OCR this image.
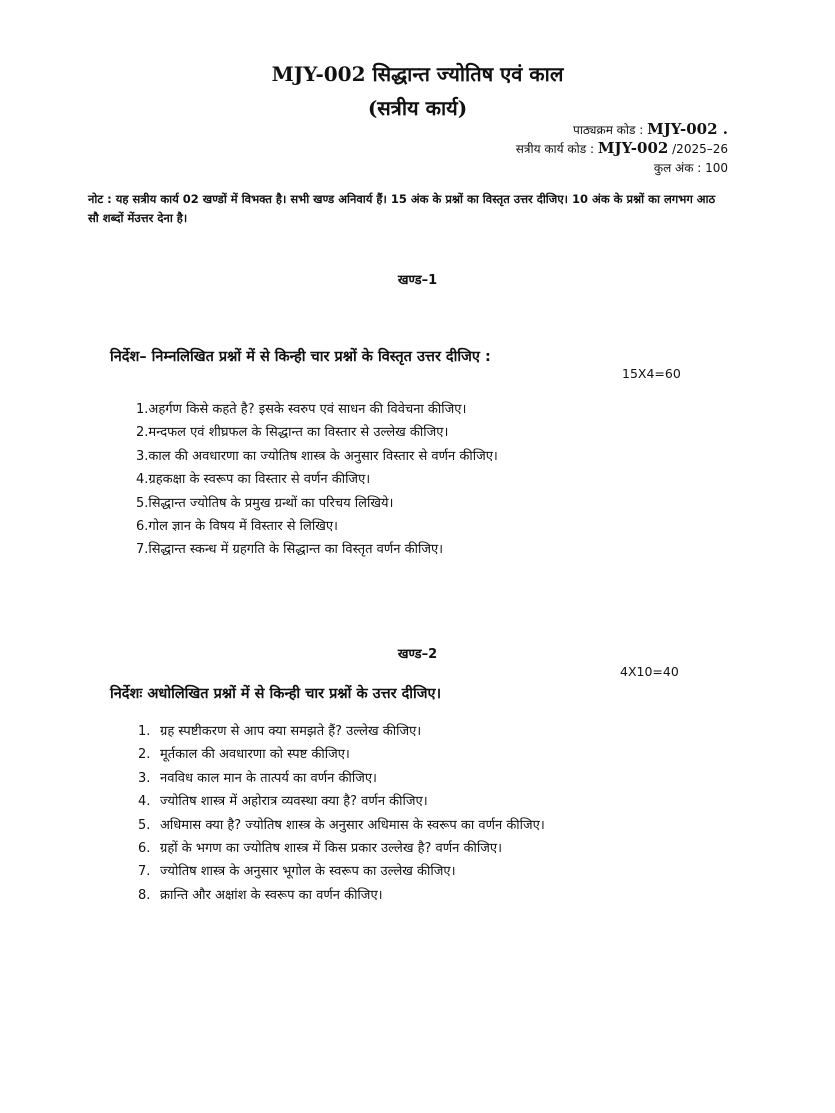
MJY-002 सिद्धान्त ज्योतिष एवं काल
(सत्रीय कार्य)
पाठ्यक्रम कोड : MJY-002 .
सत्रीय कार्य कोड : MJY-002 /2025–26
कुल अंक : 100
नोट : यह सत्रीय कार्य 02 खण्डों में विभक्त है। सभी खण्ड अनिवार्य हैं। 15 अंक के प्रश्नों का विस्तृत उत्तर दीजिए। 10 अंक के प्रश्नों का लगभग आठ सौ शब्दों मेंउत्तर देना है।
खण्ड–1
निर्देश– निम्नलिखित प्रश्नों में से किन्ही चार प्रश्नों के विस्तृत उत्तर दीजिए :
15X4=60
1.अहर्गण किसे कहते है? इसके स्वरुप एवं साधन की विवेचना कीजिए।
2.मन्दफल एवं शीघ्रफल के सिद्धान्त का विस्तार से उल्लेख कीजिए।
3.काल की अवधारणा का ज्योतिष शास्त्र के अनुसार विस्तार से वर्णन कीजिए।
4.ग्रहकक्षा के स्वरूप का विस्तार से वर्णन कीजिए।
5.सिद्धान्त ज्योतिष के प्रमुख ग्रन्थों का परिचय लिखिये।
6.गोल ज्ञान के विषय में विस्तार से लिखिए।
7.सिद्धान्त स्कन्ध में ग्रहगति के सिद्धान्त का विस्तृत वर्णन कीजिए।
खण्ड–2
4X10=40
निर्देशः अधोलिखित प्रश्नों में से किन्ही चार प्रश्नों के उत्तर दीजिए।
1. ग्रह स्पष्टीकरण से आप क्या समझते हैं? उल्लेख कीजिए।
2. मूर्तकाल की अवधारणा को स्पष्ट कीजिए।
3. नवविध काल मान के तात्पर्य का वर्णन कीजिए।
4. ज्योतिष शास्त्र में अहोरात्र व्यवस्था क्या है? वर्णन कीजिए।
5. अधिमास क्या है? ज्योतिष शास्त्र के अनुसार अधिमास के स्वरूप का वर्णन कीजिए।
6. ग्रहों के भगण का ज्योतिष शास्त्र में किस प्रकार उल्लेख है? वर्णन कीजिए।
7. ज्योतिष शास्त्र के अनुसार भूगोल के स्वरूप का उल्लेख कीजिए।
8. क्रान्ति और अक्षांश के स्वरूप का वर्णन कीजिए।
